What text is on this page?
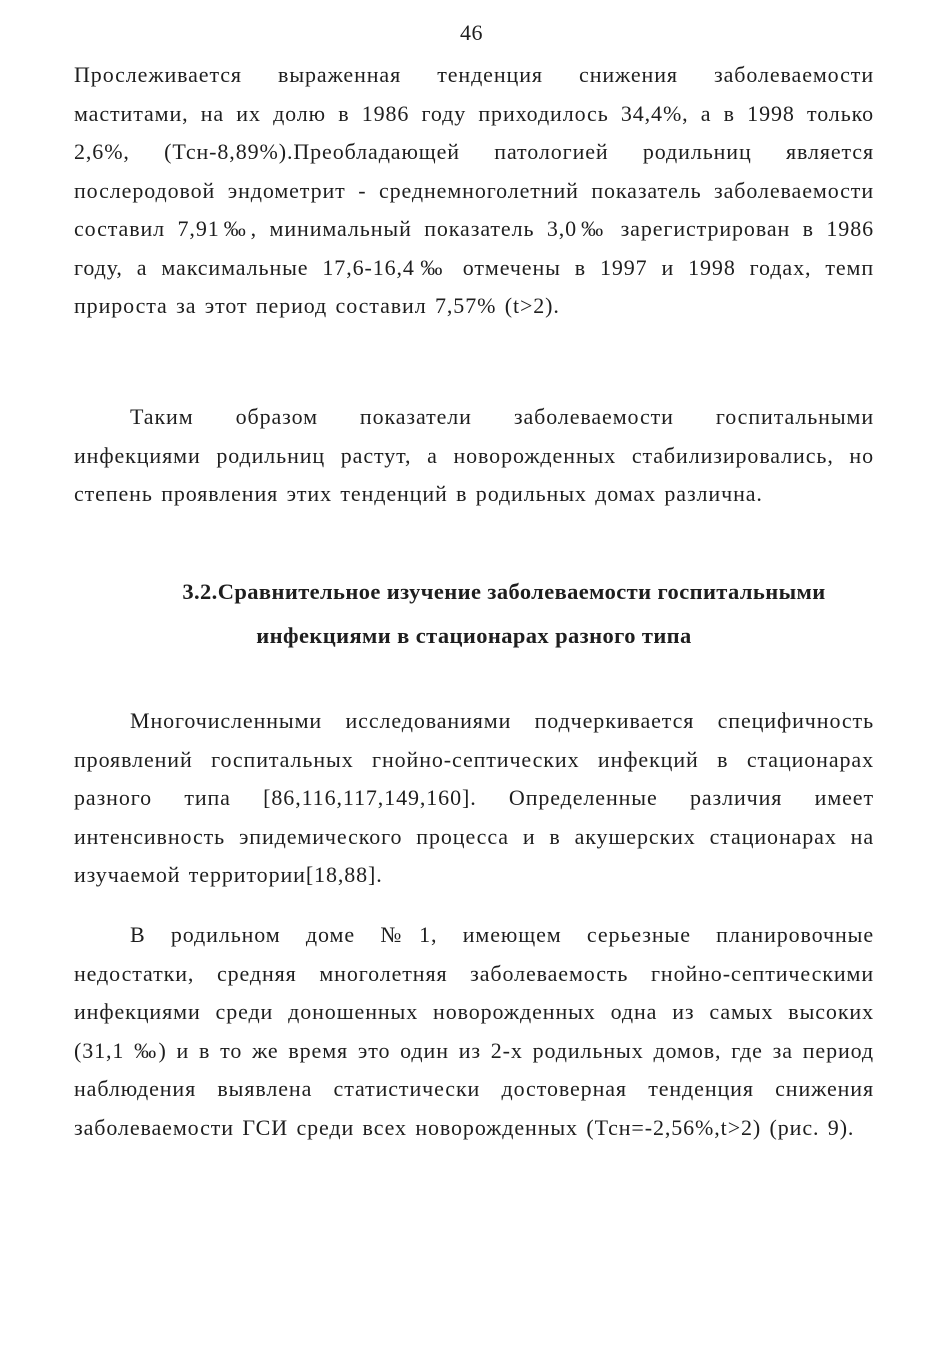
46

Прослеживается выраженная тенденция снижения заболеваемости маститами, на их долю в 1986 году приходилось 34,4%, а в 1998 только 2,6%, (Тсн-8,89%).Преобладающей патологией родильниц является послеродовой эндометрит - среднемноголетний показатель заболеваемости составил 7,91‰, минимальный показатель 3,0‰ зарегистрирован в 1986 году, а максимальные 17,6-16,4‰ отмечены в 1997 и 1998 годах, темп прироста за этот период составил 7,57% (t>2).

Таким образом показатели заболеваемости госпитальными инфекциями родильниц растут, а новорожденных стабилизировались, но степень проявления этих тенденций в родильных домах различна.

3.2.Сравнительное изучение заболеваемости госпитальными
инфекциями в стационарах разного типа

Многочисленными исследованиями подчеркивается специфичность проявлений госпитальных гнойно-септических инфекций в стационарах разного типа [86,116,117,149,160]. Определенные различия имеет интенсивность эпидемического процесса и в акушерских стационарах на изучаемой территории[18,88].

В родильном доме №1, имеющем серьезные планировочные недостатки, средняя многолетняя заболеваемость гнойно-септическими инфекциями среди доношенных новорожденных одна из самых высоких (31,1 ‰) и в то же время это один из 2-х родильных домов, где за период наблюдения выявлена статистически достоверная тенденция снижения заболеваемости ГСИ среди всех новорожденных (Тсн=-2,56%,t>2) (рис. 9).
